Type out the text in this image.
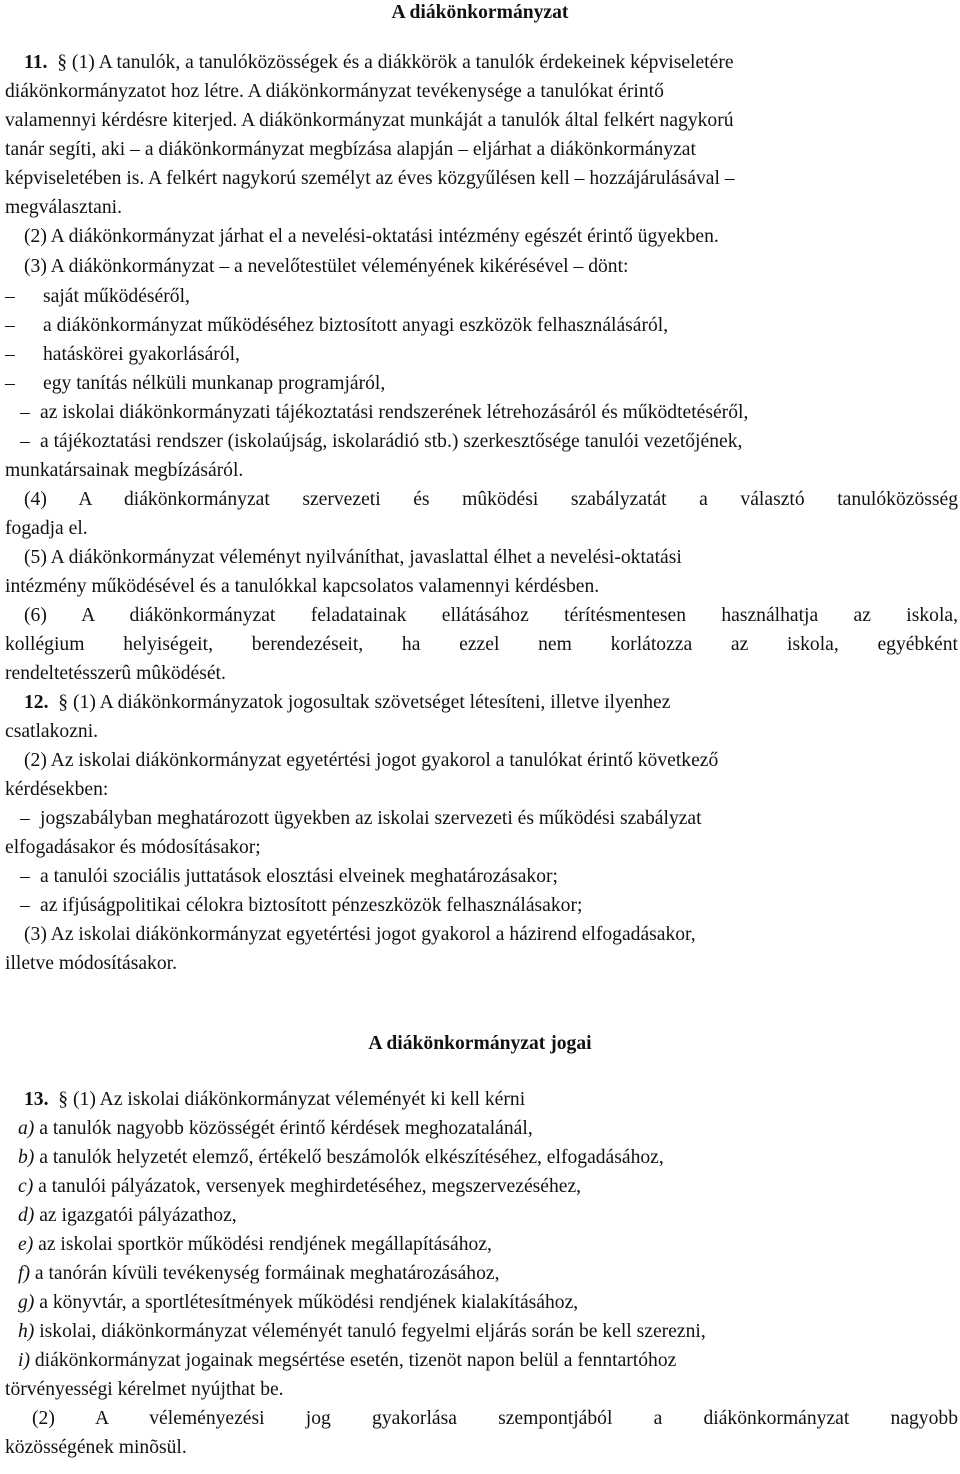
A diákönkormányzat

11. § (1) A tanulók, a tanulóközösségek és a diákkörök a tanulók érdekeinek képviseletére

diákönkormányzatot hoz létre. A diákönkormányzat tevékenysége a tanulókat érintő

valamennyi kérdésre kiterjed. A diákönkormányzat munkáját a tanulók által felkért nagykorú

tanár segíti, aki – a diákönkormányzat megbízása alapján – eljárhat a diákönkormányzat

képviseletében is. A felkért nagykorú személyt az éves közgyűlésen kell – hozzájárulásával –

megválasztani.

(2) A diákönkormányzat járhat el a nevelési-oktatási intézmény egészét érintő ügyekben.

(3) A diákönkormányzat – a nevelőtestület véleményének kikérésével – dönt:

– saját működéséről,

– a diákönkormányzat működéséhez biztosított anyagi eszközök felhasználásáról,

– hatáskörei gyakorlásáról,

– egy tanítás nélküli munkanap programjáról,

– az iskolai diákönkormányzati tájékoztatási rendszerének létrehozásáról és működtetéséről,

– a tájékoztatási rendszer (iskolaújság, iskolarádió stb.) szerkesztősége tanulói vezetőjének,

munkatársainak megbízásáról.

(4) A diákönkormányzat szervezeti és mûködési szabályzatát a választó tanulóközösség

fogadja el.

(5) A diákönkormányzat véleményt nyilváníthat, javaslattal élhet a nevelési-oktatási

intézmény működésével és a tanulókkal kapcsolatos valamennyi kérdésben.

(6) A diákönkormányzat feladatainak ellátásához térítésmentesen használhatja az iskola,

kollégium helyiségeit, berendezéseit, ha ezzel nem korlátozza az iskola, egyébként

rendeltetésszerû mûködését.

12. § (1) A diákönkormányzatok jogosultak szövetséget létesíteni, illetve ilyenhez

csatlakozni.

(2) Az iskolai diákönkormányzat egyetértési jogot gyakorol a tanulókat érintő következő

kérdésekben:

– jogszabályban meghatározott ügyekben az iskolai szervezeti és működési szabályzat

elfogadásakor és módosításakor;

– a tanulói szociális juttatások elosztási elveinek meghatározásakor;

– az ifjúságpolitikai célokra biztosított pénzeszközök felhasználásakor;

(3) Az iskolai diákönkormányzat egyetértési jogot gyakorol a házirend elfogadásakor,

illetve módosításakor.

A diákönkormányzat jogai

13. § (1) Az iskolai diákönkormányzat véleményét ki kell kérni

a) a tanulók nagyobb közösségét érintő kérdések meghozatalánál,

b) a tanulók helyzetét elemző, értékelő beszámolók elkészítéséhez, elfogadásához,

c) a tanulói pályázatok, versenyek meghirdetéséhez, megszervezéséhez,

d) az igazgatói pályázathoz,

e) az iskolai sportkör működési rendjének megállapításához,

f) a tanórán kívüli tevékenység formáinak meghatározásához,

g) a könyvtár, a sportlétesítmények működési rendjének kialakításához,

h) iskolai, diákönkormányzat véleményét tanuló fegyelmi eljárás során be kell szerezni,

i) diákönkormányzat jogainak megsértése esetén, tizenöt napon belül a fenntartóhoz

törvényességi kérelmet nyújthat be.

(2) A véleményezési jog gyakorlása szempontjából a diákönkormányzat nagyobb

közösségének minõsül.
